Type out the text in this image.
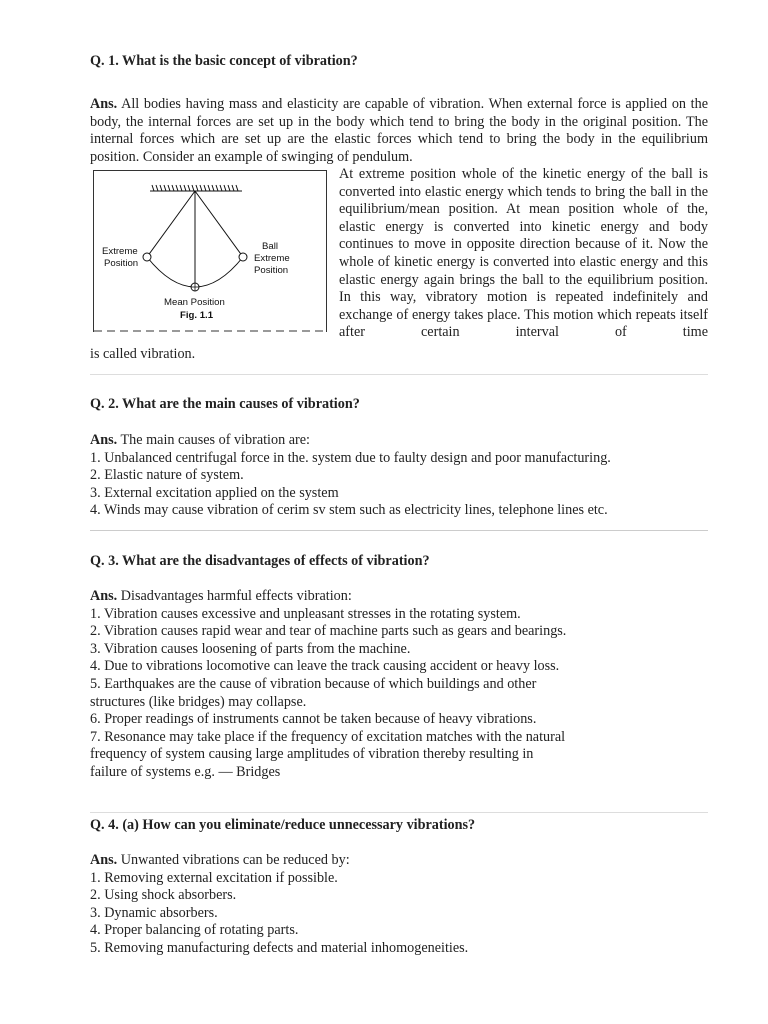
Q. 1. What is the basic concept of vibration?
Ans. All bodies having mass and elasticity are capable of vibration. When external force is applied on the body, the internal forces are set up in the body which tend to bring the body in the original position. The internal forces which are set up are the elastic forces which tend to bring the body in the equilibrium position. Consider an example of swinging of pendulum.
Extreme
Position
Ball
Extreme
Position
Mean Position
Fig. 1.1
At extreme position whole of the kinetic energy of the ball is converted into elastic energy which tends to bring the ball in the equilibrium/mean position. At mean position whole of the, elastic energy is converted into kinetic energy and body continues to move in opposite direction because of it. Now the whole of kinetic energy is converted into elastic energy and this elastic energy again brings the ball to the equilibrium position. In this way, vibratory motion is repeated indefinitely and exchange of energy takes place. This motion which repeats itself after certain interval of time
is called vibration.
Q. 2. What are the main causes of vibration?
Ans. The main causes of vibration are:
1. Unbalanced centrifugal force in the. system due to faulty design and poor manufacturing.
2. Elastic nature of system.
3. External excitation applied on the system
4. Winds may cause vibration of cerim sv stem such as electricity lines, telephone lines etc.
Q. 3. What are the disadvantages of effects of vibration?
Ans. Disadvantages harmful effects vibration:
1. Vibration causes excessive and unpleasant stresses in the rotating system.
2. Vibration causes rapid wear and tear of machine parts such as gears and bearings.
3. Vibration causes loosening of parts from the machine.
4. Due to vibrations locomotive can leave the track causing accident or heavy loss.
5. Earthquakes are the cause of vibration because of which buildings and other
structures (like bridges) may collapse.
6. Proper readings of instruments cannot be taken because of heavy vibrations.
7. Resonance may take place if the frequency of excitation matches with the natural
frequency of system causing large amplitudes of vibration thereby resulting in
failure of systems e.g. — Bridges
Q. 4. (a) How can you eliminate/reduce unnecessary vibrations?
Ans. Unwanted vibrations can be reduced by:
1. Removing external excitation if possible.
2. Using shock absorbers.
3. Dynamic absorbers.
4. Proper balancing of rotating parts.
5. Removing manufacturing defects and material inhomogeneities.
